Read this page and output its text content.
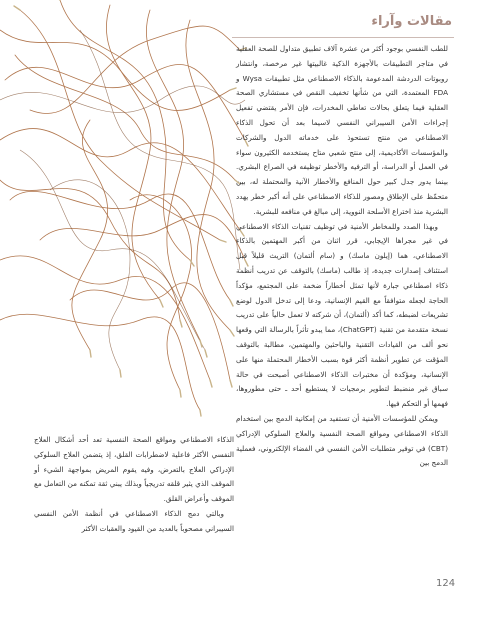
مقالات وآراء

للطب النفسي بوجود أكثر من عشرة آلاف تطبيق متداول للصحة العقلية في متاجر التطبيقات بالأجهزة الذكية غالبيتها غير مرخصة، وانتشار روبوتات الدردشة المدعومة بالذكاء الاصطناعي مثل تطبيقات Wysa و FDA المعتمدة، التي من شأنها تخفيف النقص في مستشاري الصحة العقلية فيما يتعلق بحالات تعاطي المخدرات، فإن الأمر يقتضي تفعيل إجراءات الأمن السيبراني النفسي لاسيما بعد أن تحول الذكاء الاصطناعي من منتج تستحوذ على خدماته الدول والشركات والمؤسسات الأكاديمية، إلى منتج شعبي متاح يستخدمه الكثيرون سواء في العمل أو الدراسة، أو الترفيه والأخطر توظيفه في الصراع البشري. بينما يدور جدل كبير حول المنافع والأخطار الآنية والمحتملة له، بين متحمّظ على الإطلاق ومصور للذكاء الاصطناعي على أنه أكبر خطر يهدد البشرية منذ اختراع الأسلحة النووية، إلى مبالغ في منافعه للبشرية.

وبهذا الصدد وللمخاطر الأمنية في توظيف تقنيات الذكاء الاصطناعي في غير مجراها الإيجابي، قرر اثنان من أكبر المهتمين بالذكاء الاصطناعي، هما (إيلون ماسك) و (سام ألتمان) التريث قليلاً قبل استئناف إصدارات جديدة، إذ طالب (ماسك) بالتوقف عن تدريب أنظمة ذكاء اصطناعي جبارة لأنها تمثل أخطاراً ضخمة على المجتمع، مؤكداً الحاجة لجعله متوافقاً مع القيم الإنسانية، ودعا إلى تدخل الدول لوضع تشريعات لضبطه، كما أكد (ألتمان)، أن شركته لا تعمل حالياً على تدريب نسخة متقدمة من تقنية (ChatGPT)، مما يبدو تأثراً بالرسالة التي وقعها نحو ألف من القيادات التقنية والباحثين والمهتمين، مطالبة بالتوقف المؤقت عن تطوير أنظمة أكثر قوة بسبب الأخطار المحتملة منها على الإنسانية، ومؤكدة أن مختبرات الذكاء الاصطناعي أصبحت في حالة سباق غير منضبط لتطوير برمجيات لا يستطيع أحد ـ حتى مطوروها، فهمها أو التحكم فيها.

ويمكن للمؤسسات الأمنية أن تستفيد من إمكانية الدمج بين استخدام الذكاء الاصطناعي ومواقع الصحة النفسية والعلاج السلوكي الإدراكي (CBT) في توفير متطلبات الأمن النفسي في الفضاء الإلكتروني، فعملية الدمج بين

الذكاء الاصطناعي ومواقع الصحة النفسية تعد أحد أشكال العلاج النفسي الأكثر فاعلية لاضطرابات القلق، إذ يتضمن العلاج السلوكي الإدراكي العلاج بالتعرض، وفيه يقوم المريض بمواجهة الشيء أو الموقف الذي يثير قلقه تدريجياً وبذلك يبني ثقة تمكنه من التعامل مع الموقف وأعراض القلق.

وبالتي دمج الذكاء الاصطناعي في أنظمة الأمن النفسي السيبراني مصحوباً بالعديد من القيود والعقبات الأكثر

124
